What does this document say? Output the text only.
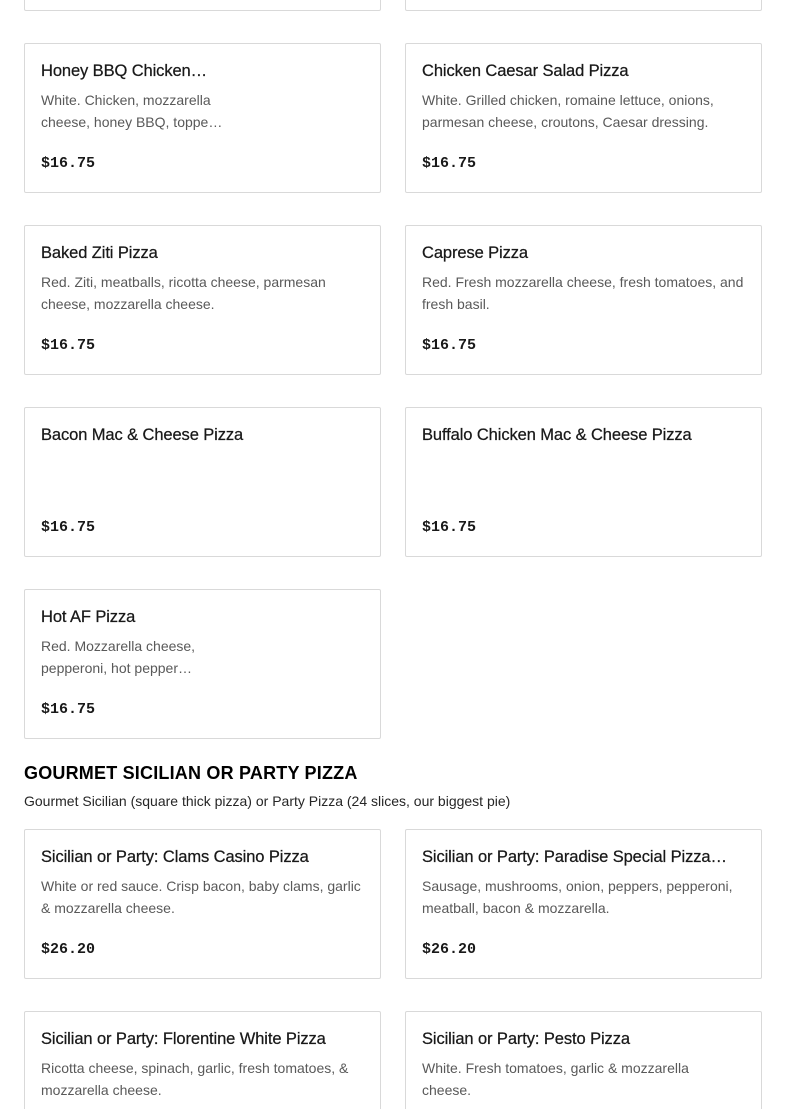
Honey BBQ Chicken…
White. Chicken, mozzarella cheese, honey BBQ, toppe…
$16.75
Chicken Caesar Salad Pizza
White. Grilled chicken, romaine lettuce, onions, parmesan cheese, croutons, Caesar dressing.
$16.75
Baked Ziti Pizza
Red. Ziti, meatballs, ricotta cheese, parmesan cheese, mozzarella cheese.
$16.75
Caprese Pizza
Red. Fresh mozzarella cheese, fresh tomatoes, and fresh basil.
$16.75
Bacon Mac & Cheese Pizza
$16.75
Buffalo Chicken Mac & Cheese Pizza
$16.75
Hot AF Pizza
Red. Mozzarella cheese, pepperoni, hot pepper…
$16.75
GOURMET SICILIAN OR PARTY PIZZA
Gourmet Sicilian (square thick pizza) or Party Pizza (24 slices, our biggest pie)
Sicilian or Party: Clams Casino Pizza
White or red sauce. Crisp bacon, baby clams, garlic & mozzarella cheese.
$26.20
Sicilian or Party: Paradise Special Pizza…
Sausage, mushrooms, onion, peppers, pepperoni, meatball, bacon & mozzarella.
$26.20
Sicilian or Party: Florentine White Pizza
Ricotta cheese, spinach, garlic, fresh tomatoes, & mozzarella cheese.
Sicilian or Party: Pesto Pizza
White. Fresh tomatoes, garlic & mozzarella cheese.
